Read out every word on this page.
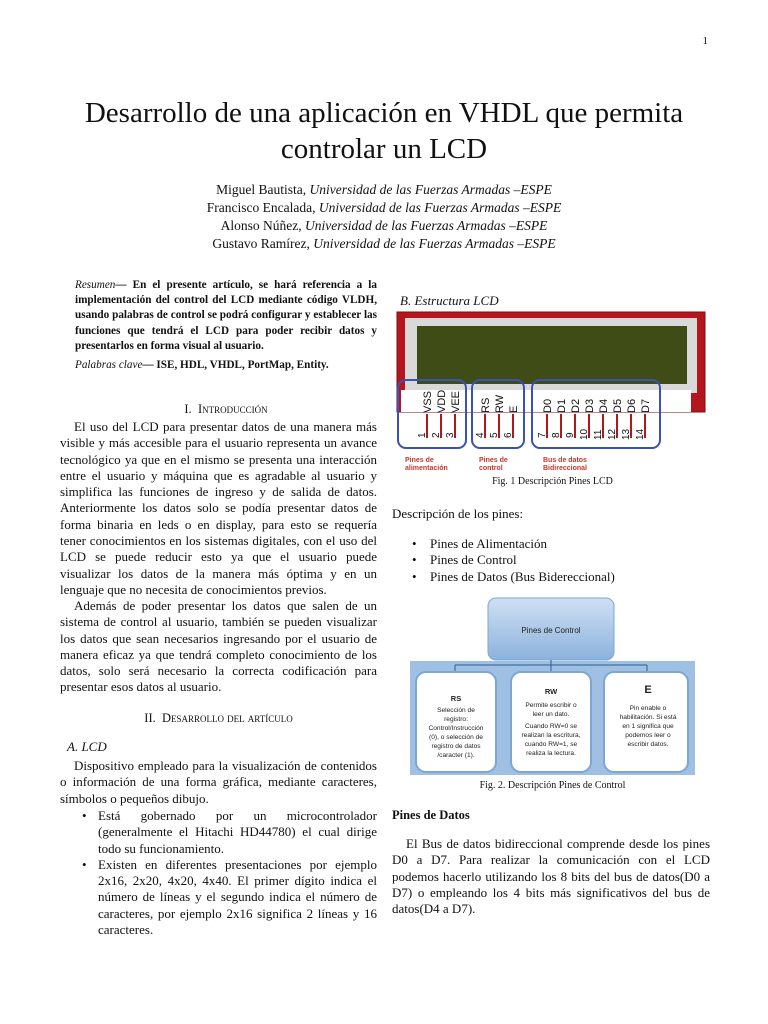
1
Desarrollo de una aplicación en VHDL que permita controlar un LCD
Miguel Bautista, Universidad de las Fuerzas Armadas –ESPE
Francisco Encalada, Universidad de las Fuerzas Armadas –ESPE
Alonso Núñez, Universidad de las Fuerzas Armadas –ESPE
Gustavo Ramírez, Universidad de las Fuerzas Armadas –ESPE
Resumen— En el presente artículo, se hará referencia a la implementación del control del LCD mediante código VLDH, usando palabras de control se podrá configurar y establecer las funciones que tendrá el LCD para poder recibir datos y presentarlos en forma visual al usuario.
Palabras clave— ISE, HDL, VHDL, PortMap, Entity.
I. Introducción
El uso del LCD para presentar datos de una manera más visible y más accesible para el usuario representa un avance tecnológico ya que en el mismo se presenta una interacción entre el usuario y máquina que es agradable al usuario y simplifica las funciones de ingreso y de salida de datos. Anteriormente los datos solo se podía presentar datos de forma binaria en leds o en display, para esto se requería tener conocimientos en los sistemas digitales, con el uso del LCD se puede reducir esto ya que el usuario puede visualizar los datos de la manera más óptima y en un lenguaje que no necesita de conocimientos previos.
Además de poder presentar los datos que salen de un sistema de control al usuario, también se pueden visualizar los datos que sean necesarios ingresando por el usuario de manera eficaz ya que tendrá completo conocimiento de los datos, solo será necesario la correcta codificación para presentar esos datos al usuario.
II. Desarrollo del artículo
A. LCD
Dispositivo empleado para la visualización de contenidos o información de una forma gráfica, mediante caracteres, símbolos o pequeños dibujo.
• Está gobernado por un microcontrolador (generalmente el Hitachi HD44780) el cual dirige todo su funcionamiento.
• Existen en diferentes presentaciones por ejemplo 2x16, 2x20, 4x20, 4x40. El primer dígito indica el número de líneas y el segundo indica el número de caracteres, por ejemplo 2x16 significa 2 líneas y 16 caracteres.
B. Estructura LCD
VSS VDD VEE RS RW E D0 D1 D2 D3 D4 D5 D6 D7
1 2 3 4 5 6 7 8 9 10 11 12 13 14
Pines de
alimentación
Pines de
control
Bus de datos
Bidireccional
Fig. 1 Descripción Pines LCD
Descripción de los pines:
• Pines de Alimentación
• Pines de Control
• Pines de Datos (Bus Bidereccional)
Pines de Control
RS
Selección de
registro:
Control/Instrucción
(0), o selección de
registro de datos
/caracter (1).
RW
Permite escribir o
leer un dato.
Cuando RW=0 se
realizan la escritura,
cuando RW=1, se
realiza la lectura.
E
Pin enable o
habilitación. Si está
en 1 significa que
podemos leer o
escribir datos.
Fig. 2. Descripción Pines de Control
Pines de Datos
El Bus de datos bidireccional comprende desde los pines D0 a D7. Para realizar la comunicación con el LCD podemos hacerlo utilizando los 8 bits del bus de datos(D0 a D7) o empleando los 4 bits más significativos del bus de datos(D4 a D7).
